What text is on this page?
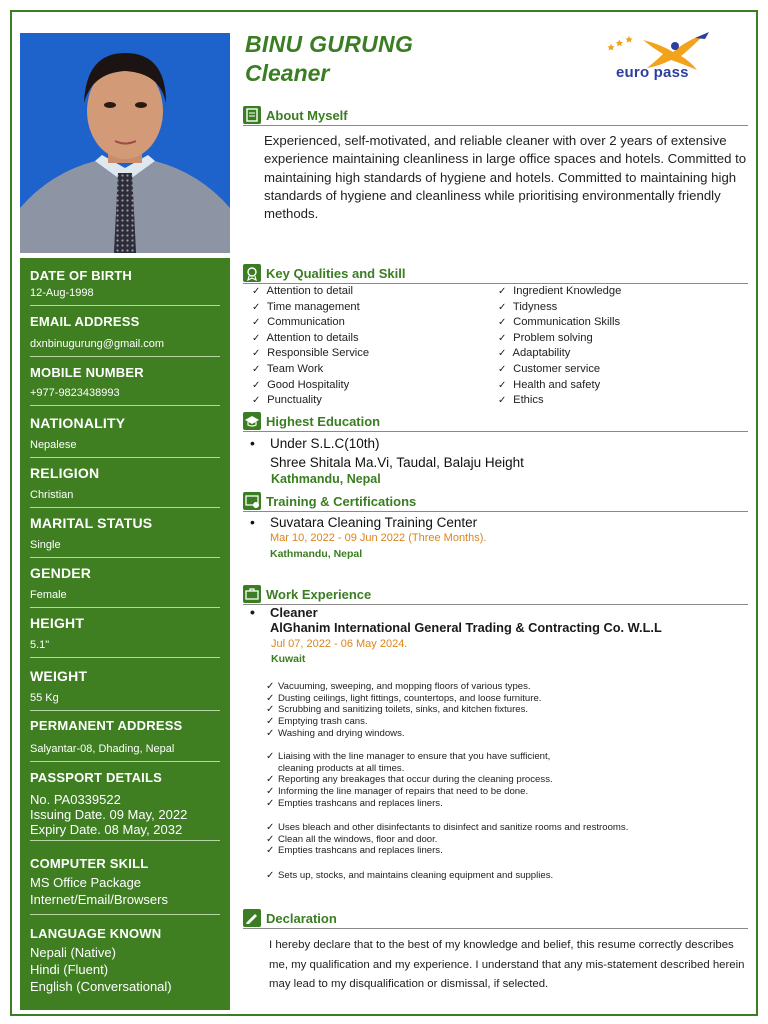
BINU GURUNG
Cleaner	euro pass
DATE OF BIRTH
12-Aug-1998
EMAIL ADDRESS
dxnbinugurung@gmail.com
MOBILE NUMBER
+977-9823438993
NATIONALITY
Nepalese
RELIGION
Christian
MARITAL STATUS
Single
GENDER
Female
HEIGHT
5.1"
WEIGHT
55 Kg
PERMANENT ADDRESS
Salyantar-08, Dhading, Nepal
PASSPORT DETAILS
No. PA0339522
Issuing Date. 09 May, 2022
Expiry Date. 08 May, 2032
COMPUTER SKILL
MS Office Package
Internet/Email/Browsers
LANGUAGE KNOWN
Nepali (Native)
Hindi (Fluent)
English (Conversational)
About Myself
Experienced, self-motivated, and reliable cleaner with over 2 years of extensive experience maintaining cleanliness in large office spaces and hotels. Committed to maintaining high standards of hygiene and hotels. Committed to maintaining high standards of hygiene and cleanliness while prioritising environmentally friendly methods.
Key Qualities and Skill
✓ Attention to detail
✓ Time management
✓ Communication
✓ Attention to details
✓ Responsible Service
✓ Team Work
✓ Good Hospitality
✓ Punctuality
✓ Ingredient Knowledge
✓ Tidyness
✓ Communication Skills
✓ Problem solving
✓ Adaptability
✓ Customer service
✓ Health and safety
✓ Ethics
Highest Education
• Under S.L.C(10th)
Shree Shitala Ma.Vi, Taudal, Balaju Height
Kathmandu, Nepal
Training & Certifications
• Suvatara Cleaning Training Center
Mar 10, 2022 - 09 Jun 2022 (Three Months).
Kathmandu, Nepal
Work Experience
• Cleaner
AlGhanim International General Trading & Contracting Co. W.L.L
Jul 07, 2022 - 06 May 2024.
Kuwait
✓ Vacuuming, sweeping, and mopping floors of various types.
✓ Dusting ceilings, light fittings, countertops, and loose furniture.
✓ Scrubbing and sanitizing toilets, sinks, and kitchen fixtures.
✓ Emptying trash cans.
✓ Washing and drying windows.
✓ Liaising with the line manager to ensure that you have sufficient,
cleaning products at all times.
✓ Reporting any breakages that occur during the cleaning process.
✓ Informing the line manager of repairs that need to be done.
✓ Empties trashcans and replaces liners.
✓ Uses bleach and other disinfectants to disinfect and sanitize rooms and restrooms.
✓ Clean all the windows, floor and door.
✓ Empties trashcans and replaces liners.
✓ Sets up, stocks, and maintains cleaning equipment and supplies.
Declaration
I hereby declare that to the best of my knowledge and belief, this resume correctly describes me, my qualification and my experience. I understand that any mis-statement described herein may lead to my disqualification or dismissal, if selected.
